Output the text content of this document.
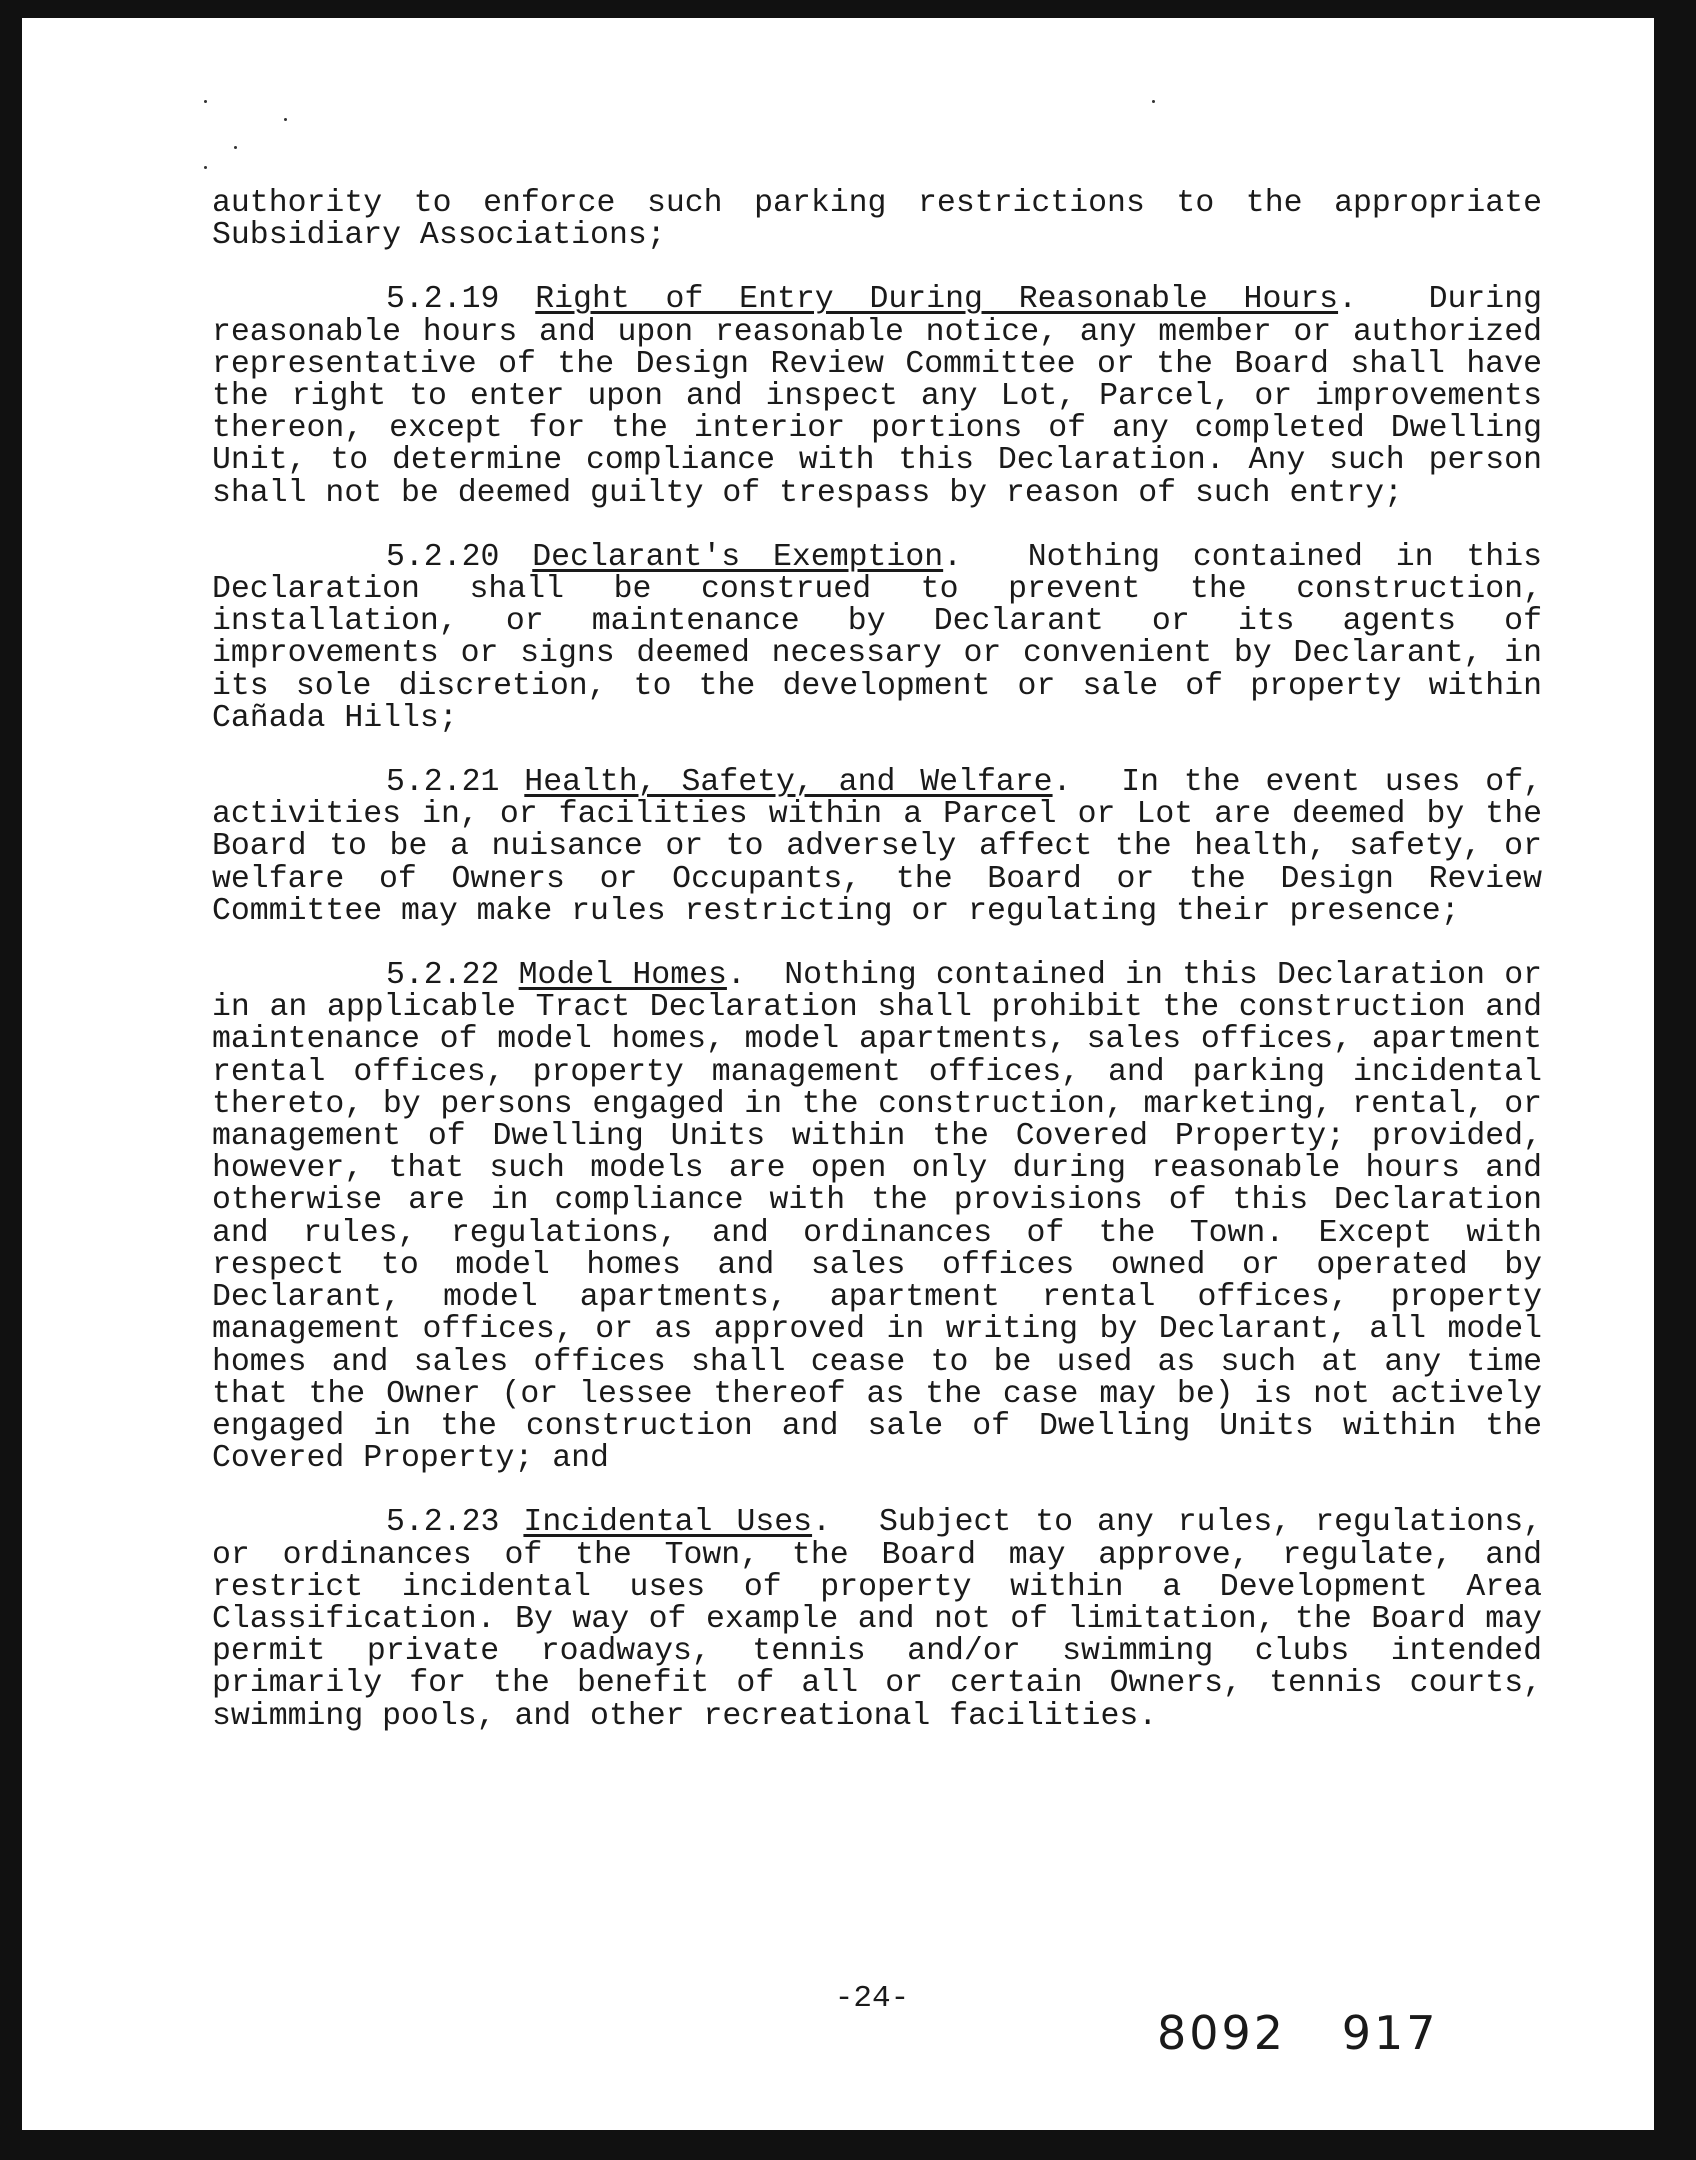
authority to enforce such parking restrictions to the appropriate Subsidiary Associations;

5.2.19 Right of Entry During Reasonable Hours.  During reasonable hours and upon reasonable notice, any member or authorized representative of the Design Review Committee or the Board shall have the right to enter upon and inspect any Lot, Parcel, or improvements thereon, except for the interior portions of any completed Dwelling Unit, to determine compliance with this Declaration. Any such person shall not be deemed guilty of trespass by reason of such entry;

5.2.20 Declarant's Exemption.  Nothing contained in this Declaration shall be construed to prevent the construction, installation, or maintenance by Declarant or its agents of improvements or signs deemed necessary or convenient by Declarant, in its sole discretion, to the development or sale of property within Cañada Hills;

5.2.21 Health, Safety, and Welfare.  In the event uses of, activities in, or facilities within a Parcel or Lot are deemed by the Board to be a nuisance or to adversely affect the health, safety, or welfare of Owners or Occupants, the Board or the Design Review Committee may make rules restricting or regulating their presence;

5.2.22 Model Homes.  Nothing contained in this Declaration or in an applicable Tract Declaration shall prohibit the construction and maintenance of model homes, model apartments, sales offices, apartment rental offices, property management offices, and parking incidental thereto, by persons engaged in the construction, marketing, rental, or management of Dwelling Units within the Covered Property; provided, however, that such models are open only during reasonable hours and otherwise are in compliance with the provisions of this Declaration and rules, regulations, and ordinances of the Town. Except with respect to model homes and sales offices owned or operated by Declarant, model apartments, apartment rental offices, property management offices, or as approved in writing by Declarant, all model homes and sales offices shall cease to be used as such at any time that the Owner (or lessee thereof as the case may be) is not actively engaged in the construction and sale of Dwelling Units within the Covered Property; and

5.2.23 Incidental Uses.  Subject to any rules, regulations, or ordinances of the Town, the Board may approve, regulate, and restrict incidental uses of property within a Development Area Classification. By way of example and not of limitation, the Board may permit private roadways, tennis and/or swimming clubs intended primarily for the benefit of all or certain Owners, tennis courts, swimming pools, and other recreational facilities.

-24-
8092 917
